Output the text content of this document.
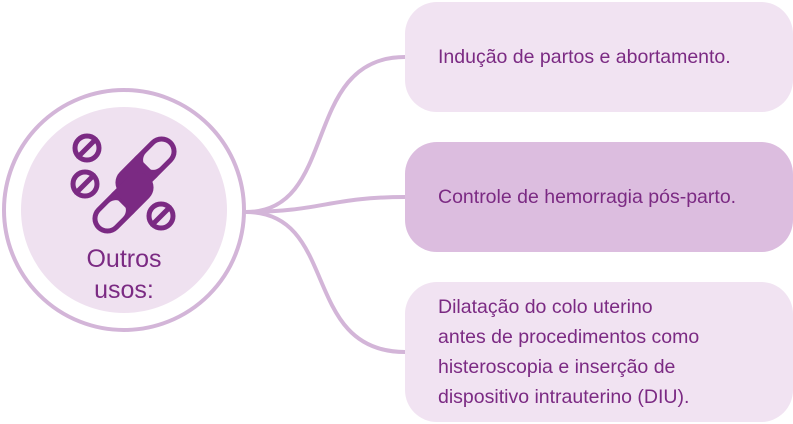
Outros
usos:
Indução de partos e abortamento.
Controle de hemorragia pós-parto.
Dilatação do colo uterino
antes de procedimentos como
histeroscopia e inserção de
dispositivo intrauterino (DIU).
